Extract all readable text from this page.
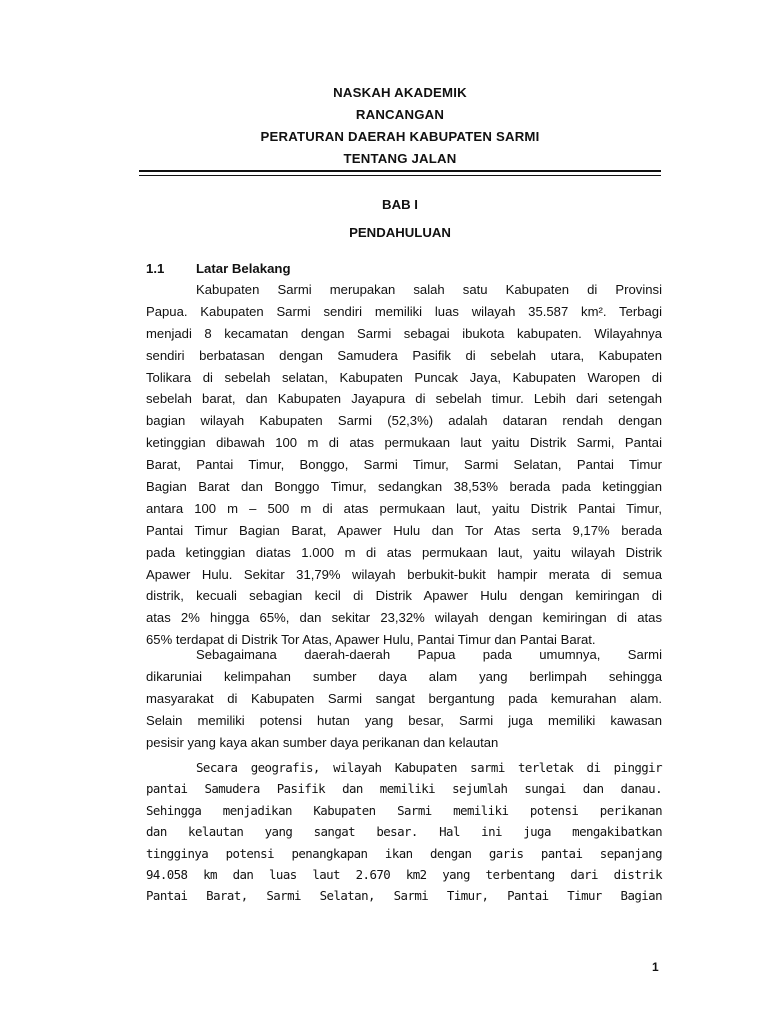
NASKAH AKADEMIK
RANCANGAN
PERATURAN DAERAH KABUPATEN SARMI
TENTANG JALAN
BAB I
PENDAHULUAN
1.1 Latar Belakang
Kabupaten Sarmi merupakan salah satu Kabupaten di Provinsi
Papua. Kabupaten Sarmi sendiri memiliki luas wilayah 35.587 km². Terbagi
menjadi 8 kecamatan dengan Sarmi sebagai ibukota kabupaten. Wilayahnya
sendiri berbatasan dengan Samudera Pasifik di sebelah utara, Kabupaten
Tolikara di sebelah selatan, Kabupaten Puncak Jaya, Kabupaten Waropen di
sebelah barat, dan Kabupaten Jayapura di sebelah timur. Lebih dari setengah
bagian wilayah Kabupaten Sarmi (52,3%) adalah dataran rendah dengan
ketinggian dibawah 100 m di atas permukaan laut yaitu Distrik Sarmi, Pantai
Barat, Pantai Timur, Bonggo, Sarmi Timur, Sarmi Selatan, Pantai Timur
Bagian Barat dan Bonggo Timur, sedangkan 38,53% berada pada ketinggian
antara 100 m – 500 m di atas permukaan laut, yaitu Distrik Pantai Timur,
Pantai Timur Bagian Barat, Apawer Hulu dan Tor Atas serta 9,17% berada
pada ketinggian diatas 1.000 m di atas permukaan laut, yaitu wilayah Distrik
Apawer Hulu. Sekitar 31,79% wilayah berbukit-bukit hampir merata di semua
distrik, kecuali sebagian kecil di Distrik Apawer Hulu dengan kemiringan di
atas 2% hingga 65%, dan sekitar 23,32% wilayah dengan kemiringan di atas
65% terdapat di Distrik Tor Atas, Apawer Hulu, Pantai Timur dan Pantai Barat.
Sebagaimana daerah-daerah Papua pada umumnya, Sarmi
dikaruniai kelimpahan sumber daya alam yang berlimpah sehingga
masyarakat di Kabupaten Sarmi sangat bergantung pada kemurahan alam.
Selain memiliki potensi hutan yang besar, Sarmi juga memiliki kawasan
pesisir yang kaya akan sumber daya perikanan dan kelautan
Secara geografis, wilayah Kabupaten sarmi terletak di pinggir
pantai Samudera Pasifik dan memiliki sejumlah sungai dan danau.
Sehingga menjadikan Kabupaten Sarmi memiliki potensi perikanan
dan kelautan yang sangat besar. Hal ini juga mengakibatkan
tingginya potensi penangkapan ikan dengan garis pantai sepanjang
94.058 km dan luas laut 2.670 km2 yang terbentang dari distrik
Pantai Barat, Sarmi Selatan, Sarmi Timur, Pantai Timur Bagian
1
